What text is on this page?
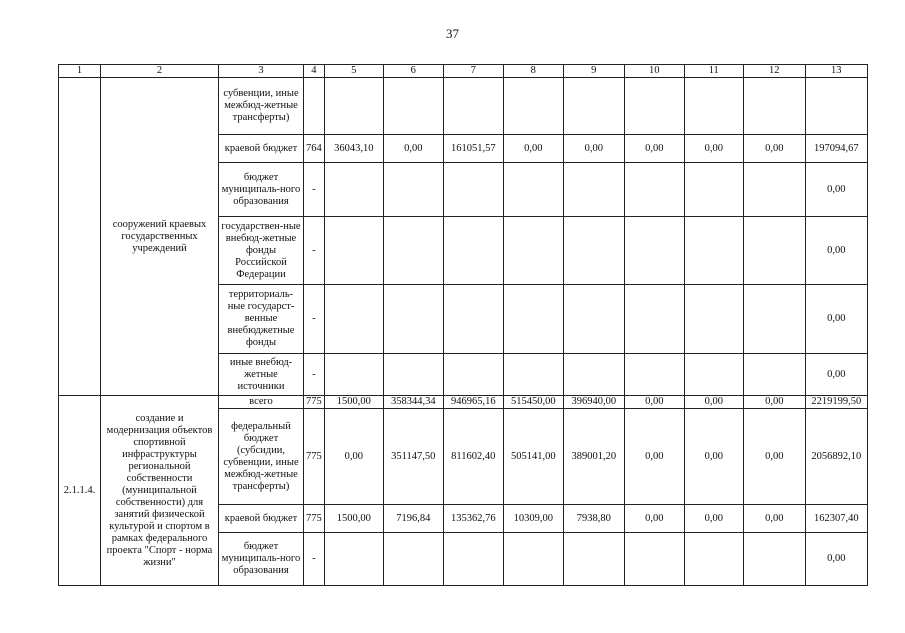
37
1	2	3	4	5	6	7	8	9	10	11	12	13
	сооружений краевых государственных учреждений	субвенции, иные межбюд-жетные трансферты)										
		краевой бюджет	764	36043,10	0,00	161051,57	0,00	0,00	0,00	0,00	0,00	197094,67
		бюджет муниципаль-ного образования	-									0,00
		государствен-ные внебюд-жетные фонды Российской Федерации	-									0,00
		территориаль-ные государст-венные внебюджетные фонды	-									0,00
		иные внебюд-жетные источники	-									0,00
2.1.1.4.	создание и модернизация объектов спортивной инфраструктуры региональной собственности (муниципальной собственности) для занятий физической культурой и спортом в рамках федерального проекта "Спорт - норма жизни"	всего	775	1500,00	358344,34	946965,16	515450,00	396940,00	0,00	0,00	0,00	2219199,50
		федеральный бюджет (субсидии, субвенции, иные межбюд-жетные трансферты)	775	0,00	351147,50	811602,40	505141,00	389001,20	0,00	0,00	0,00	2056892,10
		краевой бюджет	775	1500,00	7196,84	135362,76	10309,00	7938,80	0,00	0,00	0,00	162307,40
		бюджет муниципаль-ного образования	-									0,00
